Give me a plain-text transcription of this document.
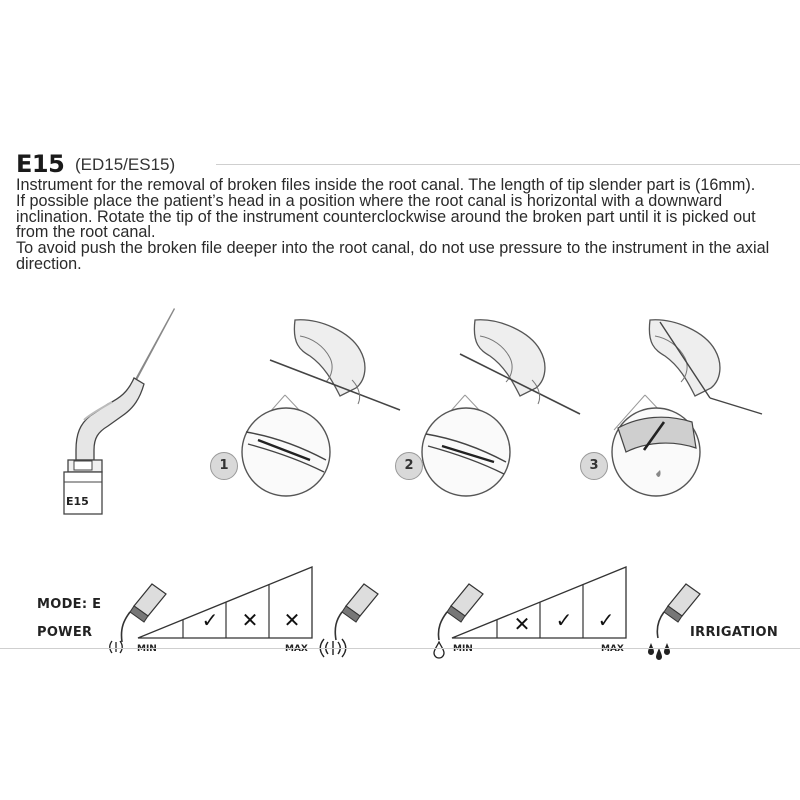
E15 (ED15/ES15)

Instrument for the removal of broken files inside the root canal. The length of tip slender part is (16mm).

If possible place the patient’s head in a position where the root canal is horizontal with a downward inclination. Rotate the tip of the instrument counterclockwise around the broken part until it is picked out from the root canal.

To avoid push the broken file deeper into the root canal, do not use pressure to the instrument in the axial direction.

E15
1	2	3
MODE: E
POWER
✓	✕	✕
MIN	MAX
✕	✓	✓
MIN	MAX
IRRIGATION
